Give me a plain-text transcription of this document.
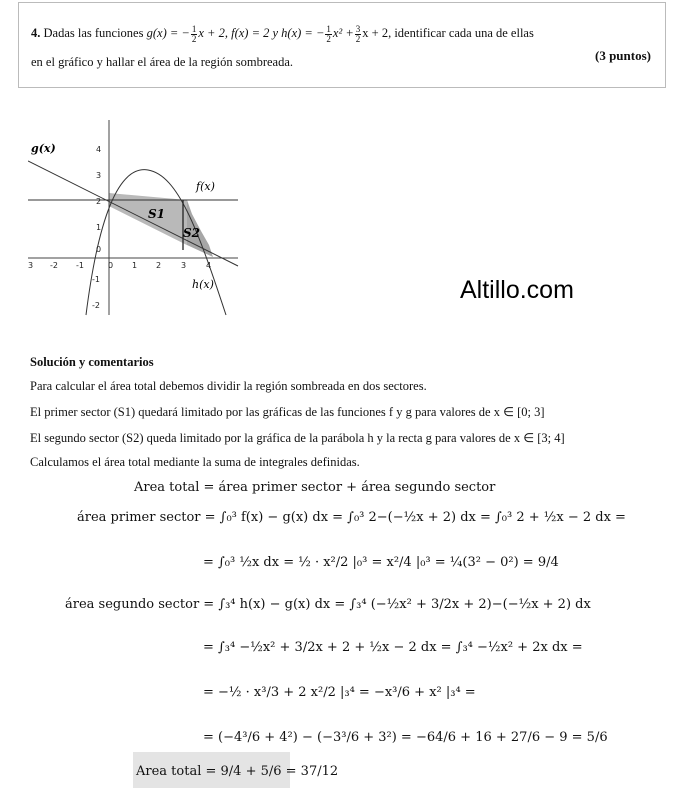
4. Dadas las funciones g(x) = − $\frac{1}{2}$ x + 2, f(x) = 2 y h(x) = − $\frac{1}{2} x^2 + \frac{3}{2}$ x + 2, identificar cada una de ellas
en el gráfico y hallar el área de la región sombreada.	(3 puntos)
g(x)
f(x)
h(x)
S1
S2
3 -2 -1	0 1 2 3 4
4
3
2
1
0
-1
-2
Altillo.com
Solución y comentarios
Para calcular el área total debemos dividir la región sombreada en dos sectores.
El primer sector (S1) quedará limitado por las gráficas de las funciones f y g para valores de x ∈ [0; 3]
El segundo sector (S2) queda limitado por la gráfica de la parábola h y la recta g para valores de x ∈ [3; 4]
Calculamos el área total mediante la suma de integrales definidas.
Area total = área primer sector + área segundo sector
área primer sector = ∫₀³ f(x) − g(x) dx = ∫₀³ 2−(−½x + 2) dx = ∫₀³ 2 + ½x − 2 dx =
= ∫₀³ ½x dx = ½ · x²/2 |₀³ = x²/4 |₀³ = ¼(3² − 0²) = 9/4
área segundo sector = ∫₃⁴ h(x) − g(x) dx = ∫₃⁴ (−½x² + 3/2x + 2)−(−½x + 2) dx
= ∫₃⁴ −½x² + 3/2x + 2 + ½x − 2 dx = ∫₃⁴ −½x² + 2x dx =
= −½ · x³/3 + 2 x²/2 |₃⁴ = −x³/6 + x² |₃⁴ =
= (−4³/6 + 4²) − (−3³/6 + 3²) = −64/6 + 16 + 27/6 − 9 = 5/6
Area total = 9/4 + 5/6 = 37/12
